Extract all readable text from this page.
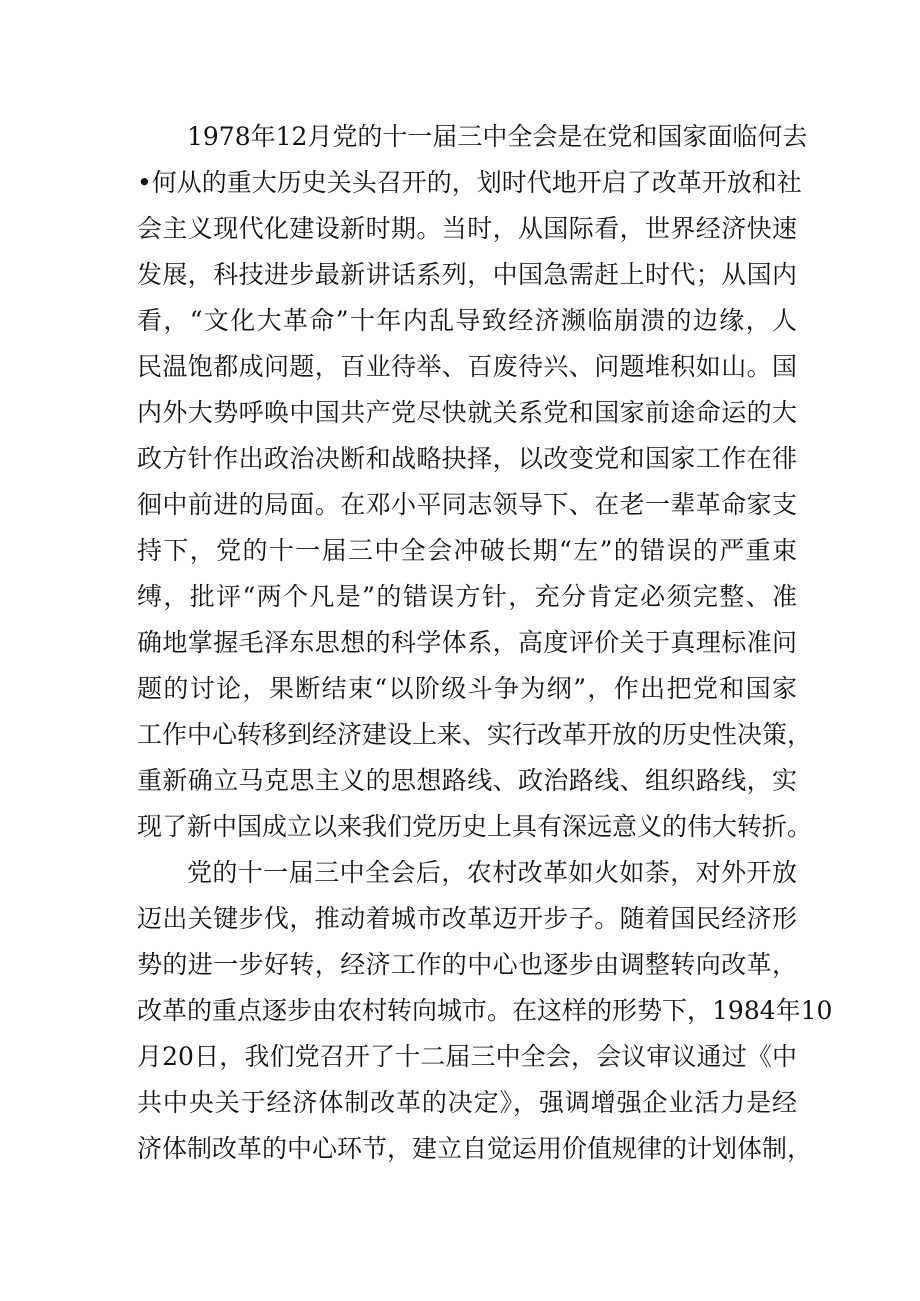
1978年12月党的十一届三中全会是在党和国家面临何去
•何从的重大历史关头召开的，划时代地开启了改革开放和社
会主义现代化建设新时期。当时，从国际看，世界经济快速
发展，科技进步最新讲话系列，中国急需赶上时代；从国内
看，“文化大革命”十年内乱导致经济濒临崩溃的边缘，人
民温饱都成问题，百业待举、百废待兴、问题堆积如山。国
内外大势呼唤中国共产党尽快就关系党和国家前途命运的大
政方针作出政治决断和战略抉择，以改变党和国家工作在徘
徊中前进的局面。在邓小平同志领导下、在老一辈革命家支
持下，党的十一届三中全会冲破长期“左”的错误的严重束
缚，批评“两个凡是”的错误方针，充分肯定必须完整、准
确地掌握毛泽东思想的科学体系，高度评价关于真理标准问
题的讨论，果断结束“以阶级斗争为纲”，作出把党和国家
工作中心转移到经济建设上来、实行改革开放的历史性决策，
重新确立马克思主义的思想路线、政治路线、组织路线，实
现了新中国成立以来我们党历史上具有深远意义的伟大转折。
党的十一届三中全会后，农村改革如火如荼，对外开放
迈出关键步伐，推动着城市改革迈开步子。随着国民经济形
势的进一步好转，经济工作的中心也逐步由调整转向改革，
改革的重点逐步由农村转向城市。在这样的形势下，1984年10
月20日，我们党召开了十二届三中全会，会议审议通过《中
共中央关于经济体制改革的决定》，强调增强企业活力是经
济体制改革的中心环节，建立自觉运用价值规律的计划体制，
